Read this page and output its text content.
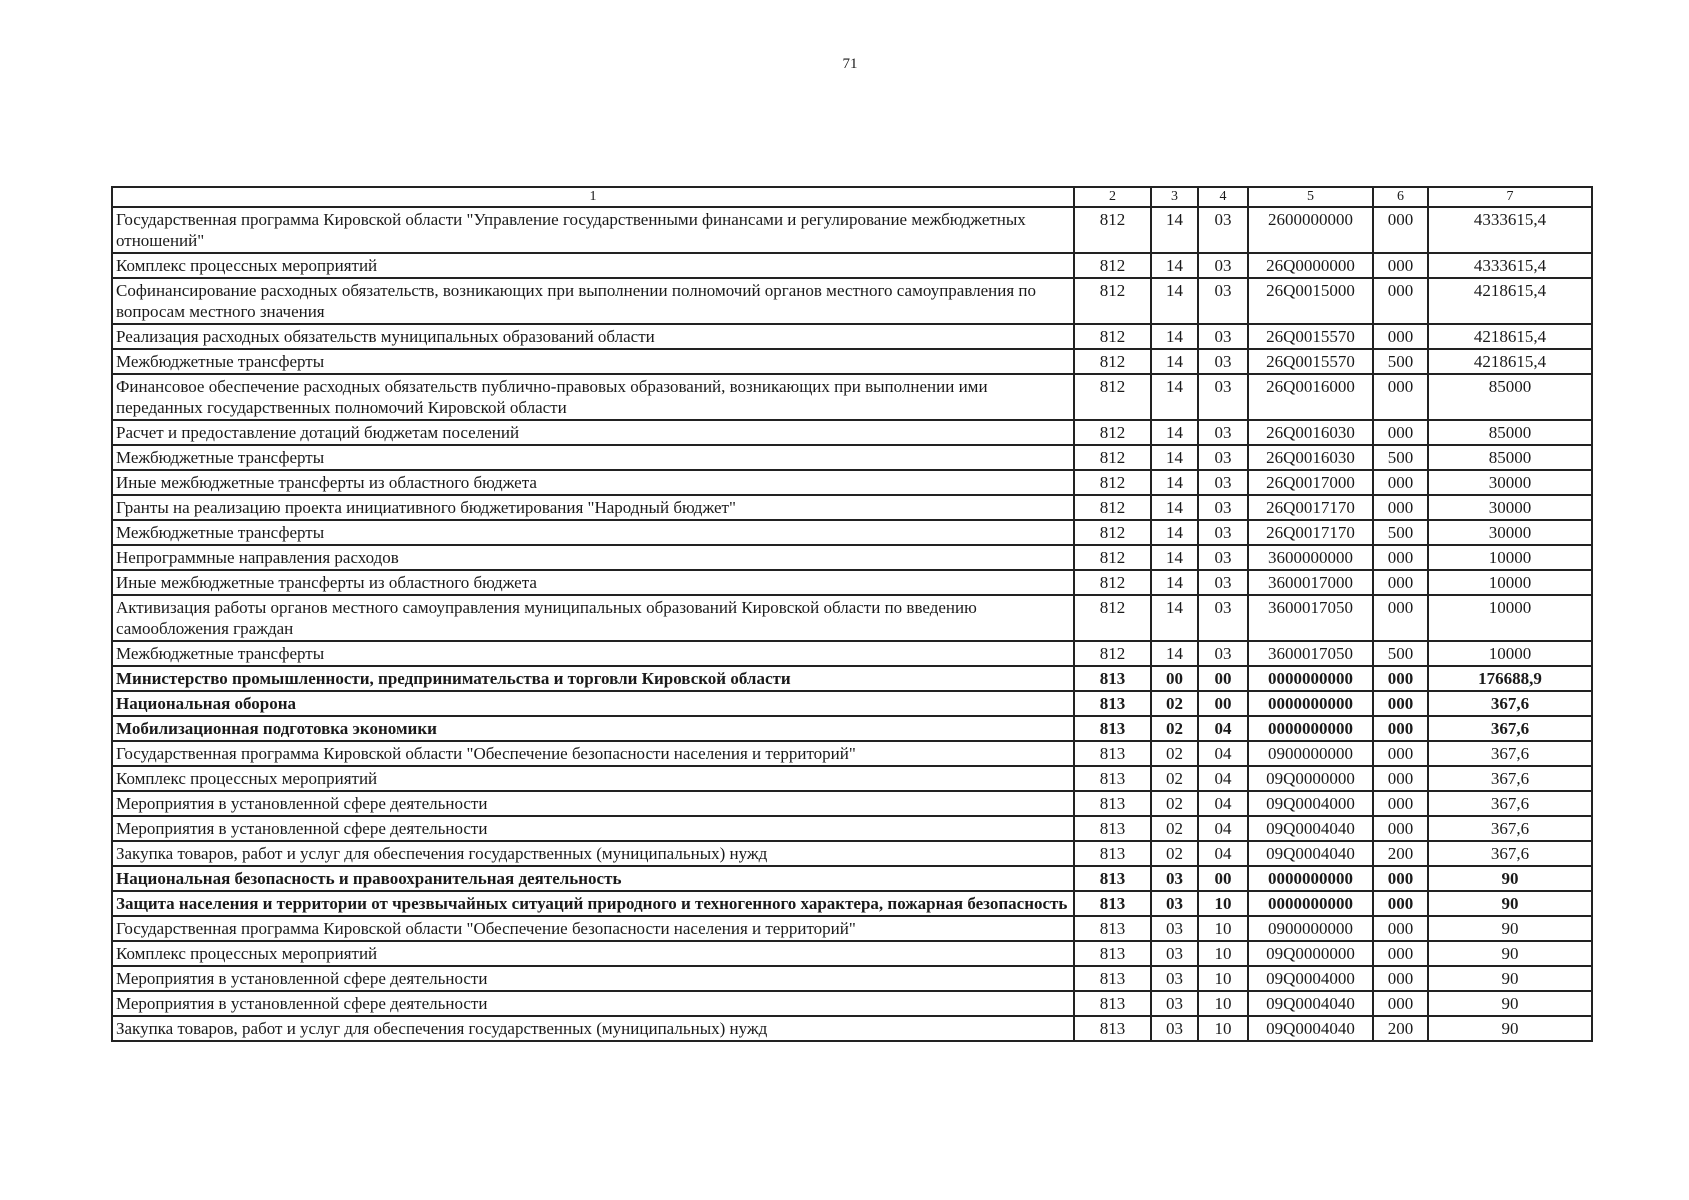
71
1	2	3	4	5	6	7
Государственная программа Кировской области "Управление государственными финансами и регулирование межбюджетных отношений"	812	14	03	2600000000	000	4333615,4
Комплекс процессных мероприятий	812	14	03	26Q0000000	000	4333615,4
Софинансирование расходных обязательств, возникающих при выполнении полномочий органов местного самоуправления по вопросам местного значения	812	14	03	26Q0015000	000	4218615,4
Реализация расходных обязательств муниципальных образований области	812	14	03	26Q0015570	000	4218615,4
Межбюджетные трансферты	812	14	03	26Q0015570	500	4218615,4
Финансовое обеспечение расходных обязательств публично-правовых образований, возникающих при выполнении ими переданных государственных полномочий Кировской области	812	14	03	26Q0016000	000	85000
Расчет и предоставление дотаций бюджетам поселений	812	14	03	26Q0016030	000	85000
Межбюджетные трансферты	812	14	03	26Q0016030	500	85000
Иные межбюджетные трансферты из областного бюджета	812	14	03	26Q0017000	000	30000
Гранты на реализацию проекта инициативного бюджетирования "Народный бюджет"	812	14	03	26Q0017170	000	30000
Межбюджетные трансферты	812	14	03	26Q0017170	500	30000
Непрограммные направления расходов	812	14	03	3600000000	000	10000
Иные межбюджетные трансферты из областного бюджета	812	14	03	3600017000	000	10000
Активизация работы органов местного самоуправления муниципальных образований Кировской области по введению самообложения граждан	812	14	03	3600017050	000	10000
Межбюджетные трансферты	812	14	03	3600017050	500	10000
Министерство промышленности, предпринимательства и торговли Кировской области	813	00	00	0000000000	000	176688,9
Национальная оборона	813	02	00	0000000000	000	367,6
Мобилизационная подготовка экономики	813	02	04	0000000000	000	367,6
Государственная программа Кировской области "Обеспечение безопасности населения и территорий"	813	02	04	0900000000	000	367,6
Комплекс процессных мероприятий	813	02	04	09Q0000000	000	367,6
Мероприятия в установленной сфере деятельности	813	02	04	09Q0004000	000	367,6
Мероприятия в установленной сфере деятельности	813	02	04	09Q0004040	000	367,6
Закупка товаров, работ и услуг для обеспечения государственных (муниципальных) нужд	813	02	04	09Q0004040	200	367,6
Национальная безопасность и правоохранительная деятельность	813	03	00	0000000000	000	90
Защита населения и территории от чрезвычайных ситуаций природного и техногенного характера, пожарная безопасность	813	03	10	0000000000	000	90
Государственная программа Кировской области "Обеспечение безопасности населения и территорий"	813	03	10	0900000000	000	90
Комплекс процессных мероприятий	813	03	10	09Q0000000	000	90
Мероприятия в установленной сфере деятельности	813	03	10	09Q0004000	000	90
Мероприятия в установленной сфере деятельности	813	03	10	09Q0004040	000	90
Закупка товаров, работ и услуг для обеспечения государственных (муниципальных) нужд	813	03	10	09Q0004040	200	90
